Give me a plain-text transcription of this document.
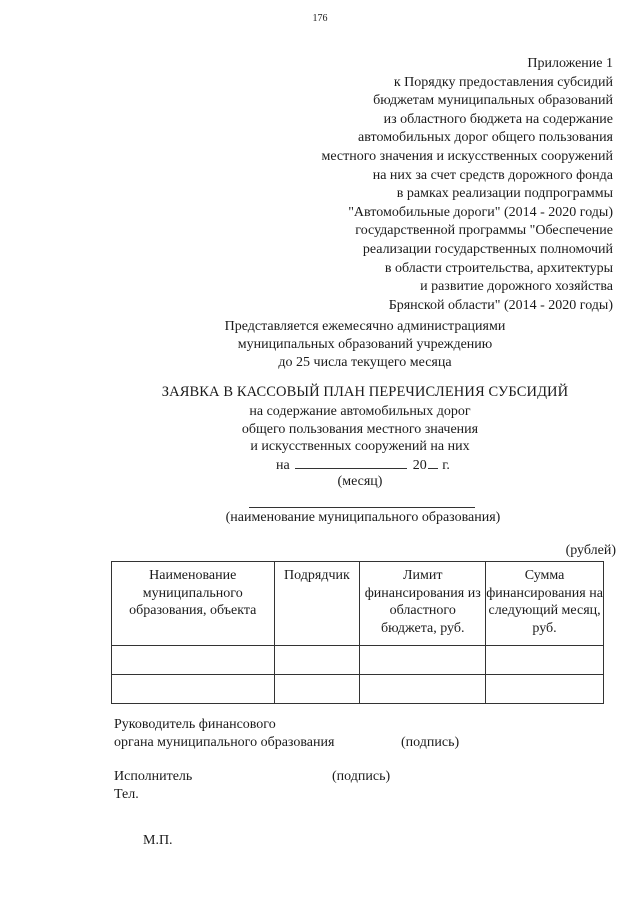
176
Приложение 1
к Порядку предоставления субсидий
бюджетам муниципальных образований
из областного бюджета на содержание
автомобильных дорог общего пользования
местного значения и искусственных сооружений
на них за счет средств дорожного фонда
в рамках реализации подпрограммы
"Автомобильные дороги" (2014 - 2020 годы)
государственной программы "Обеспечение
реализации государственных полномочий
в области строительства, архитектуры
и развитие дорожного хозяйства
Брянской области" (2014 - 2020 годы)
Представляется ежемесячно администрациями
муниципальных образований учреждению
до 25 числа текущего месяца
ЗАЯВКА В КАССОВЫЙ ПЛАН ПЕРЕЧИСЛЕНИЯ СУБСИДИЙ
на содержание автомобильных дорог
общего пользования местного значения
и искусственных сооружений на них
на	20 г.
(месяц)
(наименование муниципального образования)
(рублей)
Наименование муниципального образования, объекта	Подрядчик	Лимит финансирования из областного бюджета, руб.	Сумма финансирования на следующий месяц, руб.

Руководитель финансового
органа муниципального образования	(подпись)
Исполнитель	(подпись)
Тел.
М.П.
